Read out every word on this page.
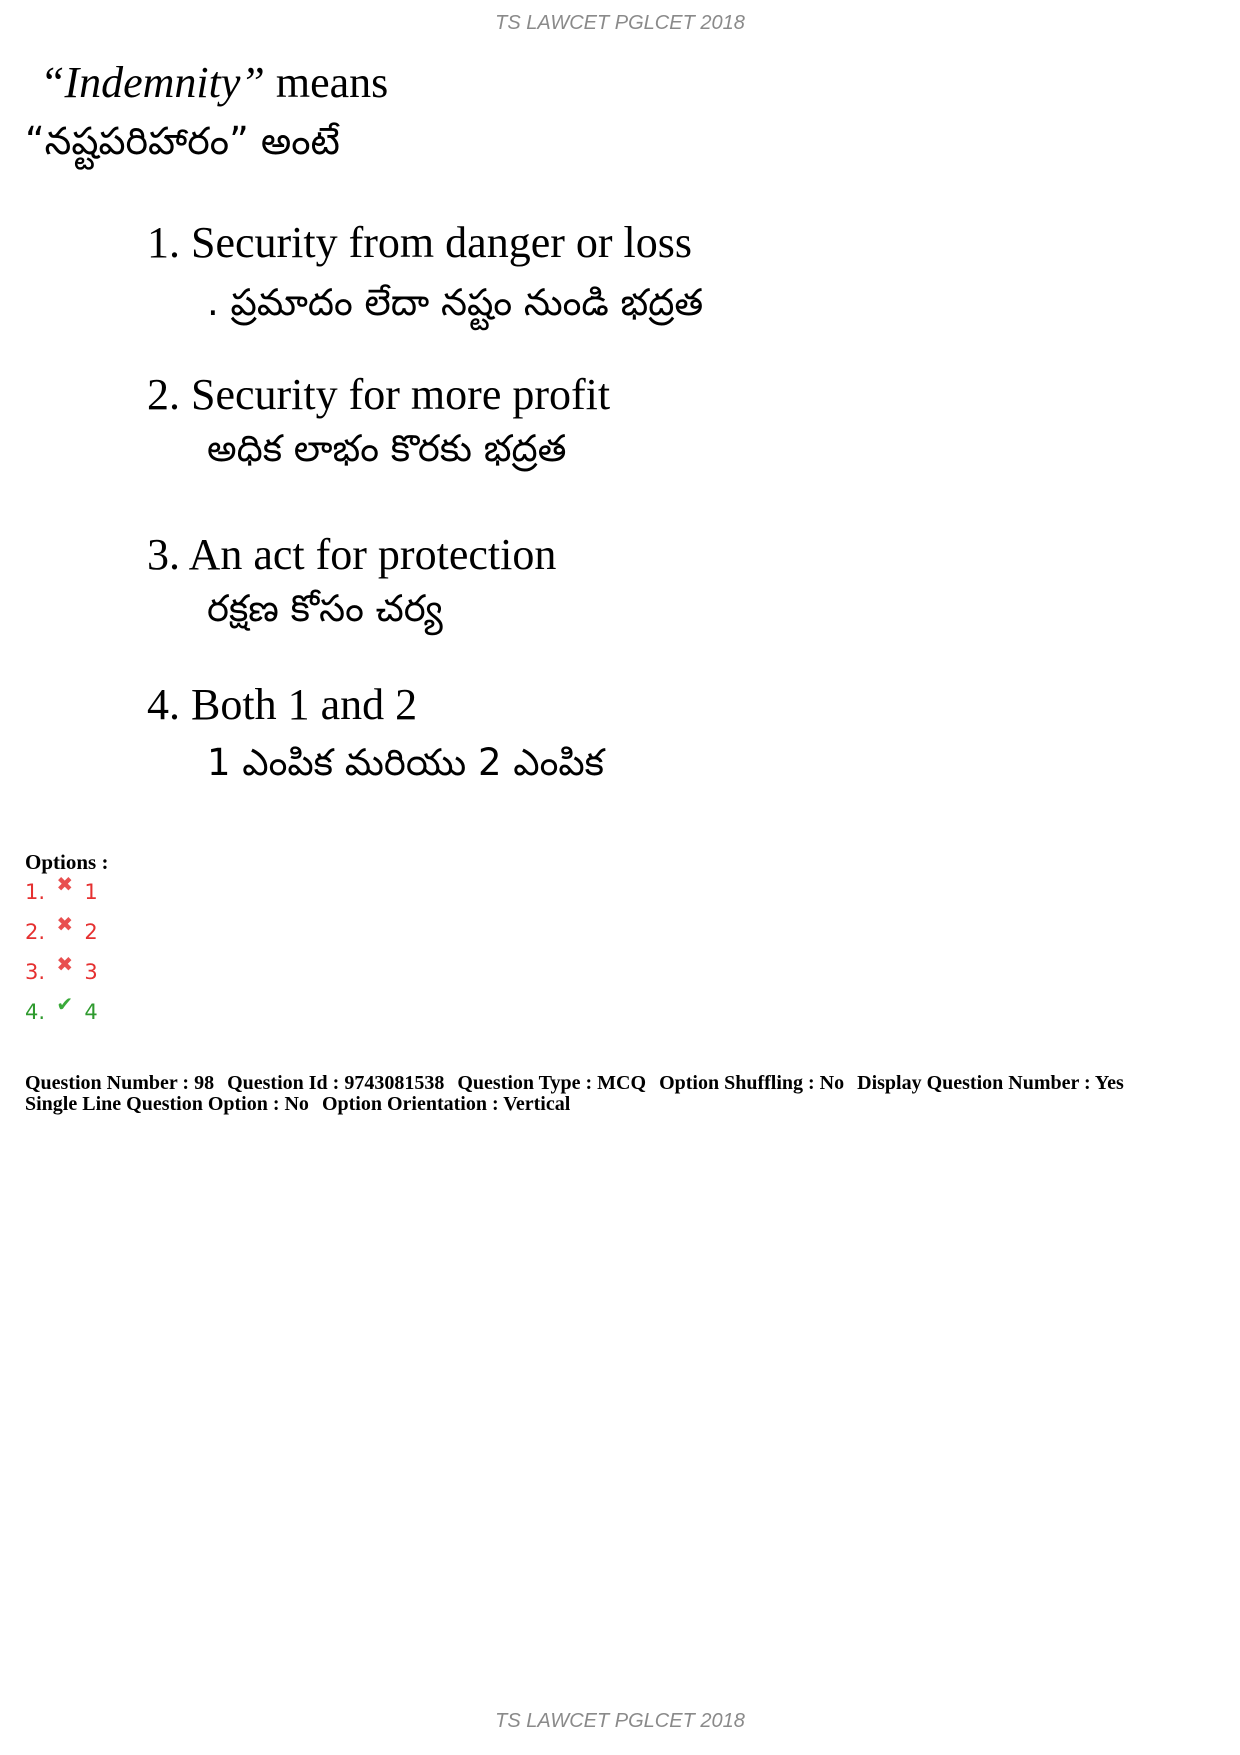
TS LAWCET PGLCET 2018
“Indemnity” means
“నష్టపరిహారం” అంటే
1. Security from danger or loss
. ప్రమాదం లేదా నష్టం నుండి భద్రత
2. Security for more profit
అధిక లాభం కొరకు భద్రత
3. An act for protection
రక్షణ కోసం చర్య
4. Both 1 and 2
1 ఎంపిక మరియు 2 ఎంపిక
Options :
1. ✖ 1
2. ✖ 2
3. ✖ 3
4. ✔ 4
Question Number : 98 Question Id : 9743081538 Question Type : MCQ Option Shuffling : No Display Question Number : Yes
Single Line Question Option : No Option Orientation : Vertical
TS LAWCET PGLCET 2018
